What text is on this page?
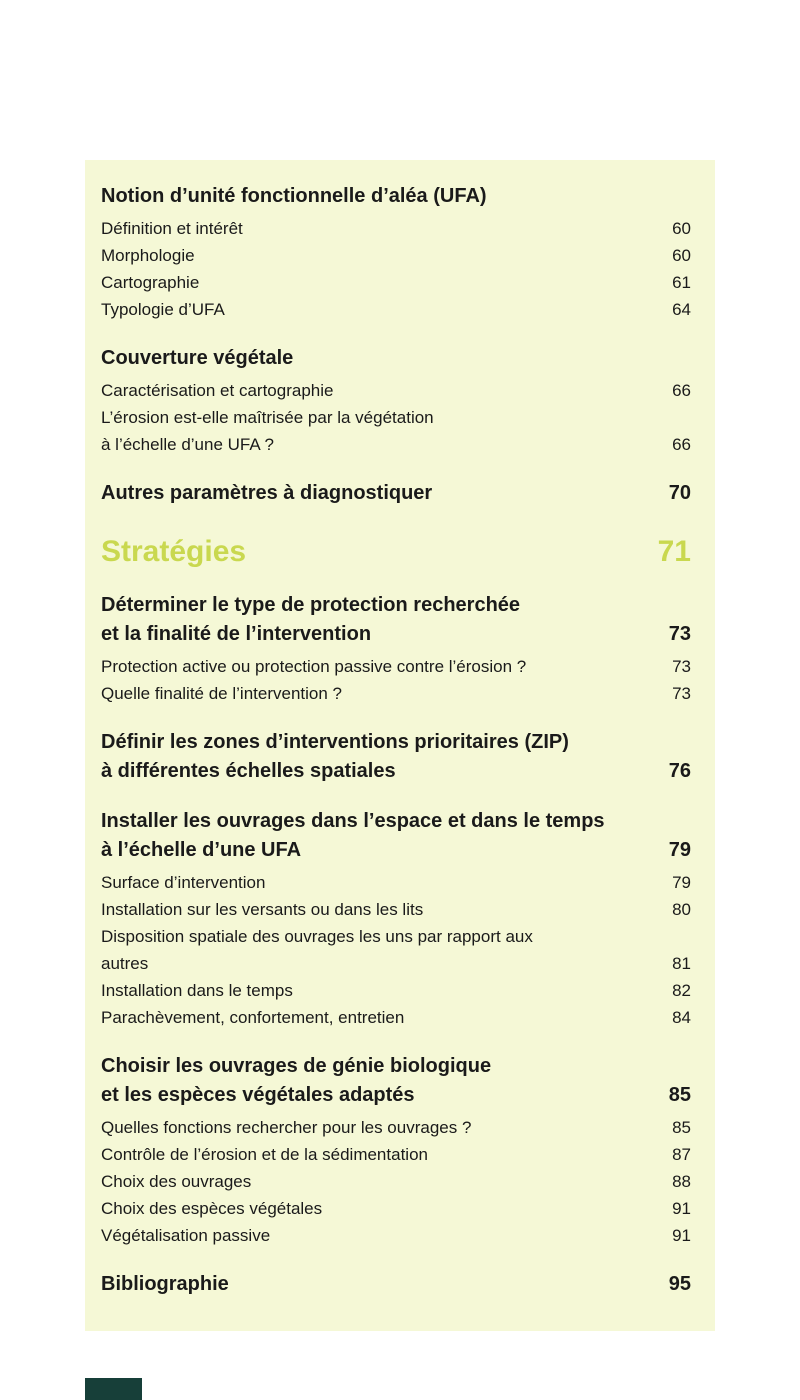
Notion d’unité fonctionnelle d’aléa (UFA)
Définition et intérêt	60
Morphologie	60
Cartographie	61
Typologie d’UFA	64
Couverture végétale
Caractérisation et cartographie	66
L’érosion est-elle maîtrisée par la végétation
à l’échelle d’une UFA ?	66
Autres paramètres à diagnostiquer	70
Stratégies	71
Déterminer le type de protection recherchée
et la finalité de l’intervention	73
Protection active ou protection passive contre l’érosion ?	73
Quelle finalité de l’intervention ?	73
Définir les zones d’interventions prioritaires (ZIP)
à différentes échelles spatiales	76
Installer les ouvrages dans l’espace et dans le temps
à l’échelle d’une UFA	79
Surface d’intervention	79
Installation sur les versants ou dans les lits	80
Disposition spatiale des ouvrages les uns par rapport aux
autres	81
Installation dans le temps	82
Parachèvement, confortement, entretien	84
Choisir les ouvrages de génie biologique
et les espèces végétales adaptés	85
Quelles fonctions rechercher pour les ouvrages ?	85
Contrôle de l’érosion et de la sédimentation	87
Choix des ouvrages	88
Choix des espèces végétales	91
Végétalisation passive	91
Bibliographie	95
